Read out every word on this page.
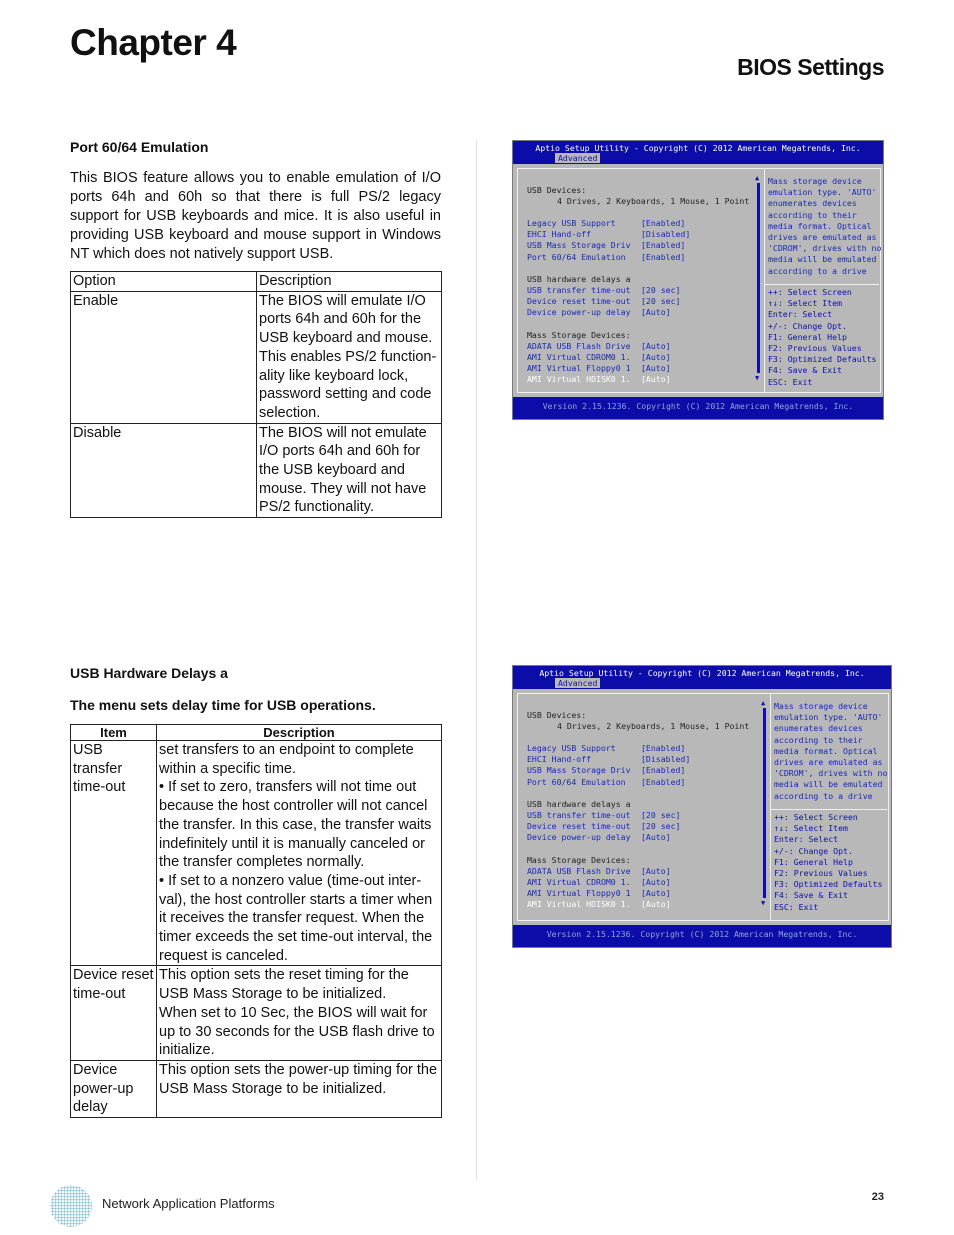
Chapter 4
BIOS Settings
Port 60/64 Emulation

This BIOS feature allows you to enable emulation of I/O ports 64h and 60h so that there is full PS/2 legacy support for USB keyboards and mice. It is also useful in providing USB keyboard and mouse support in Windows NT which does not natively support USB.

Option	Description
Enable	The BIOS will emulate I/O ports 64h and 60h for the USB keyboard and mouse. This enables PS/2 function-ality like keyboard lock, password setting and code selection.
Disable	The BIOS will not emulate I/O ports 64h and 60h for the USB keyboard and mouse. They will not have PS/2 functionality.
USB Hardware Delays a
The menu sets delay time for USB operations.
Item	Description
USB transfer time-out	set transfers to an endpoint to complete within a specific time.

• If set to zero, transfers will not time out because the host controller will not cancel the transfer. In this case, the transfer waits indefinitely until it is manually canceled or the transfer completes normally.

• If set to a nonzero value (time-out inter-val), the host controller starts a timer when it receives the transfer request. When the timer exceeds the set time-out interval, the request is canceled.

Device reset time-out	This option sets the reset timing for the USB Mass Storage to be initialized.

When set to 10 Sec, the BIOS will wait for up to 30 seconds for the USB flash drive to initialize.

Device power-up delay	This option sets the power-up timing for the USB Mass Storage to be initialized.

Aptio Setup Utility - Copyright (C) 2012 American Megatrends, Inc.
Advanced
Version 2.15.1236. Copyright (C) 2012 American Megatrends, Inc.
USB Devices:
4 Drives, 2 Keyboards, 1 Mouse, 1 Point
Legacy USB Support	[Enabled]
EHCI Hand-off	[Disabled]
USB Mass Storage Driv [Enabled]
Port 60/64 Emulation [Enabled]
USB hardware delays a
USB transfer time-out [20 sec]
Device reset time-out [20 sec]
Device power-up delay [Auto]
Mass Storage Devices:
ADATA USB Flash Drive [Auto]
AMI Virtual CDROM0 1. [Auto]
AMI Virtual Floppy0 1 [Auto]
AMI Virtual HDISK0 1. [Auto]
▲
▼
Mass storage device
emulation type. 'AUTO'
enumerates devices
according to their
media format. Optical
drives are emulated as
'CDROM', drives with no
media will be emulated
according to a drive
++: Select Screen
↑↓: Select Item
Enter: Select
+/-: Change Opt.
F1: General Help
F2: Previous Values
F3: Optimized Defaults
F4: Save & Exit
ESC: Exit
Aptio Setup Utility - Copyright (C) 2012 American Megatrends, Inc.
Advanced
Version 2.15.1236. Copyright (C) 2012 American Megatrends, Inc.
USB Devices:
4 Drives, 2 Keyboards, 1 Mouse, 1 Point
Legacy USB Support	[Enabled]
EHCI Hand-off	[Disabled]
USB Mass Storage Driv [Enabled]
Port 60/64 Emulation [Enabled]
USB hardware delays a
USB transfer time-out [20 sec]
Device reset time-out [20 sec]
Device power-up delay [Auto]
Mass Storage Devices:
ADATA USB Flash Drive [Auto]
AMI Virtual CDROM0 1. [Auto]
AMI Virtual Floppy0 1 [Auto]
AMI Virtual HDISK0 1. [Auto]
▲
▼
Mass storage device
emulation type. 'AUTO'
enumerates devices
according to their
media format. Optical
drives are emulated as
'CDROM', drives with no
media will be emulated
according to a drive
++: Select Screen
↑↓: Select Item
Enter: Select
+/-: Change Opt.
F1: General Help
F2: Previous Values
F3: Optimized Defaults
F4: Save & Exit
ESC: Exit

Network Application Platforms	23
